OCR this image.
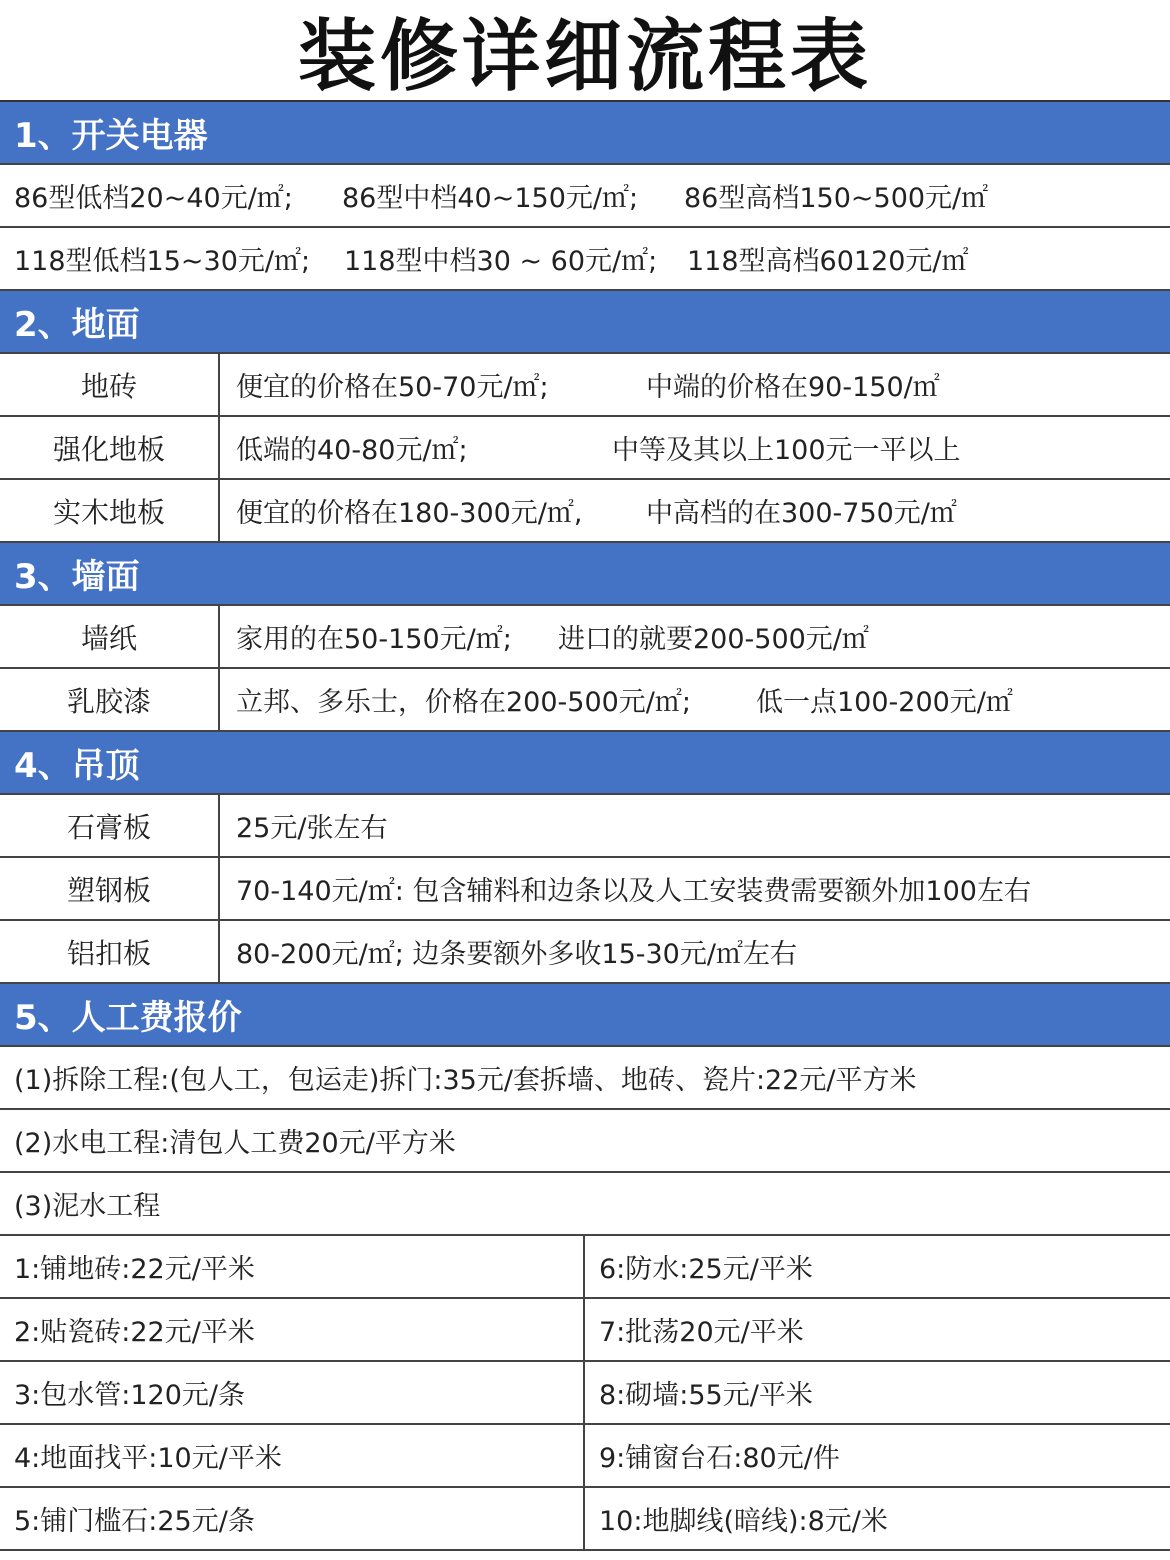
装修详细流程表
1、开关电器
86型低档20~40元/㎡;	86型中档40~150元/㎡;	86型高档150~500元/㎡
118型低档15~30元/㎡;	118型中档30 ~ 60元/㎡;	118型高档60120元/㎡
2、地面
地砖	便宜的价格在50-70元/㎡;	中端的价格在90-150/㎡
强化地板	低端的40-80元/㎡;	中等及其以上100元一平以上
实木地板	便宜的价格在180-300元/㎡,	中高档的在300-750元/㎡
3、墙面
墙纸	家用的在50-150元/㎡;	进口的就要200-500元/㎡
乳胶漆	立邦、多乐士，价格在200-500元/㎡;	低一点100-200元/㎡
4、吊顶
石膏板	25元/张左右
塑钢板	70-140元/㎡: 包含辅料和边条以及人工安装费需要额外加100左右
铝扣板	80-200元/㎡; 边条要额外多收15-30元/㎡左右
5、人工费报价
(1)拆除工程:(包人工，包运走)拆门:35元/套拆墙、地砖、瓷片:22元/平方米
(2)水电工程:清包人工费20元/平方米
(3)泥水工程
1:铺地砖:22元/平米	6:防水:25元/平米
2:贴瓷砖:22元/平米	7:批荡20元/平米
3:包水管:120元/条	8:砌墙:55元/平米
4:地面找平:10元/平米	9:铺窗台石:80元/件
5:铺门槛石:25元/条	10:地脚线(暗线):8元/米
